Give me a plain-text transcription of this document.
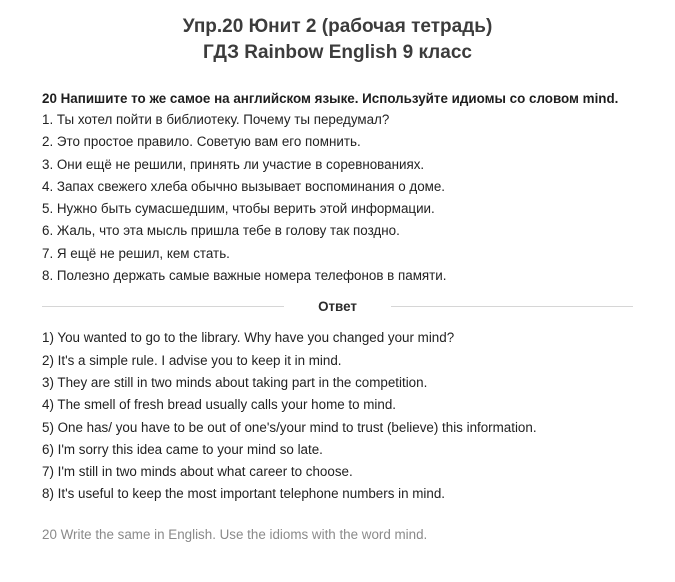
Упр.20 Юнит 2 (рабочая тетрадь)
ГДЗ Rainbow English 9 класс
20 Напишите то же самое на английском языке. Используйте идиомы со словом mind.
1. Ты хотел пойти в библиотеку. Почему ты передумал?
2. Это простое правило. Советую вам его помнить.
3. Они ещё не решили, принять ли участие в соревнованиях.
4. Запах свежего хлеба обычно вызывает воспоминания о доме.
5. Нужно быть сумасшедшим, чтобы верить этой информации.
6. Жаль, что эта мысль пришла тебе в голову так поздно.
7. Я ещё не решил, кем стать.
8. Полезно держать самые важные номера телефонов в памяти.
Ответ
1) You wanted to go to the library. Why have you changed your mind?
2) It's a simple rule. I advise you to keep it in mind.
3) They are still in two minds about taking part in the competition.
4) The smell of fresh bread usually calls your home to mind.
5) One has/ you have to be out of one's/your mind to trust (believe) this information.
6) I'm sorry this idea came to your mind so late.
7) I'm still in two minds about what career to choose.
8) It's useful to keep the most important telephone numbers in mind.
20 Write the same in English. Use the idioms with the word mind.
